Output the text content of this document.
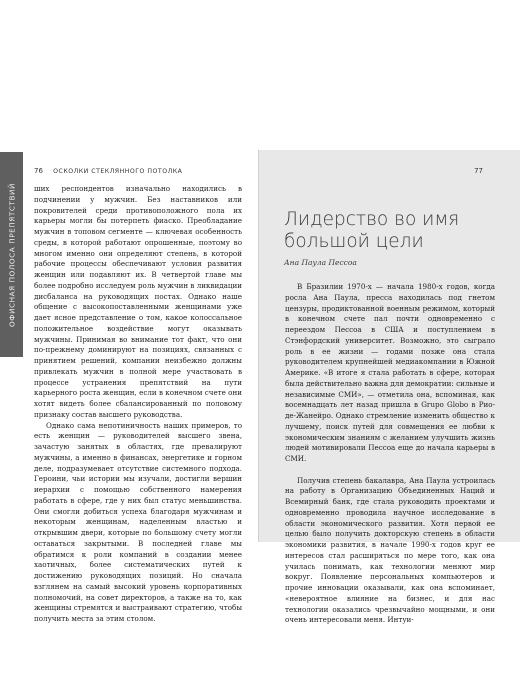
ОФИСНАЯ ПОЛОСА ПРЕПЯТСТВИЙ
76 ОСКОЛКИ СТЕКЛЯННОГО ПОТОЛКА

ших респондентов изначально находились в подчинении у мужчин. Без наставников или покровителей среди противоположного пола их карьеры могли бы потерпеть фиаско. Преобладание мужчин в топовом сегменте — ключевая особенность среды, в которой работают опрошенные, поэтому во многом именно они определяют степень, в которой рабочие процессы обеспечивают условия развития женщин или подавляют их. В четвертой главе мы более подробно исследуем роль мужчин в ликвидации дисбаланса на руководящих постах. Однако наше общение с высокопоставленными женщинами уже дает ясное представление о том, какое колоссальное положительное воздействие могут оказывать мужчины. Принимая во внимание тот факт, что они по-прежнему доминируют на позициях, связанных с принятием решений, компании неизбежно должны привлекать мужчин в полной мере участвовать в процессе устранения препятствий на пути карьерного роста женщин, если в конечном счете они хотят видеть более сбалансированный по половому признаку состав высшего руководства.

Однако сама непотиничность наших примеров, то есть женщин — руководителей высшего звена, зачастую занятых в областях, где превалируют мужчины, а именно в финансах, энергетике и горном деле, подразумевает отсутствие системного подхода. Героини, чьи истории мы изучали, достигли вершин иерархии с помощью собственного намерения работать в сфере, где у них был статус меньшинства. Они смогли добиться успеха благодаря мужчинам и некоторым женщинам, наделенным властью и открывшим двери, которые по большому счету могли оставаться закрытыми. В последней главе мы обратимся к роли компаний в создании менее хаотичных, более систематических путей к достижению руководящих позиций. Но сначала взглянем на самый высокий уровень корпоративных полномочий, на совет директоров, а также на то, как женщины стремятся и выстраивают стратегию, чтобы получить места за этим столом.

77
Лидерство во имя большой цели
Ана Паула Пессоа

В Бразилии 1970-х — начала 1980-х годов, когда росла Ана Паула, пресса находилась под гнетом цензуры, продиктованной военным режимом, который в конечном счете пал почти одновременно с переездом Пессоа в США и поступлением в Стэнфордский университет. Возможно, это сыграло роль в ее жизни — годами позже она стала руководителем крупнейшей медиакомпании в Южной Америке. «В итоге я стала работать в сфере, которая была действительно важна для демократии: сильные и независимые СМИ», — отметила она, вспоминая, как восемнадцать лет назад пришла в Grupo Globo в Рио-де-Жанейро. Однако стремление изменить общество к лучшему, поиск путей для совмещения ее любви к экономическим знаниям с желанием улучшить жизнь людей мотивировали Пессоа еще до начала карьеры в СМИ.

Получив степень бакалавра, Ана Паула устроилась на работу в Организацию Объединенных Наций и Всемирный банк, где стала руководить проектами и одновременно проводила научное исследование в области экономического развития. Хотя первой ее целью было получить докторскую степень в области экономики развития, в начале 1990-х годов круг ее интересов стал расширяться по мере того, как она училась понимать, как технологии меняют мир вокруг. Появление персональных компьютеров и прочие инновации оказывали, как она вспоминает, «невероятное влияние на бизнес, и для нас технологии оказались чрезвычайно мощными, и они очень интересовали меня. Интуи-
